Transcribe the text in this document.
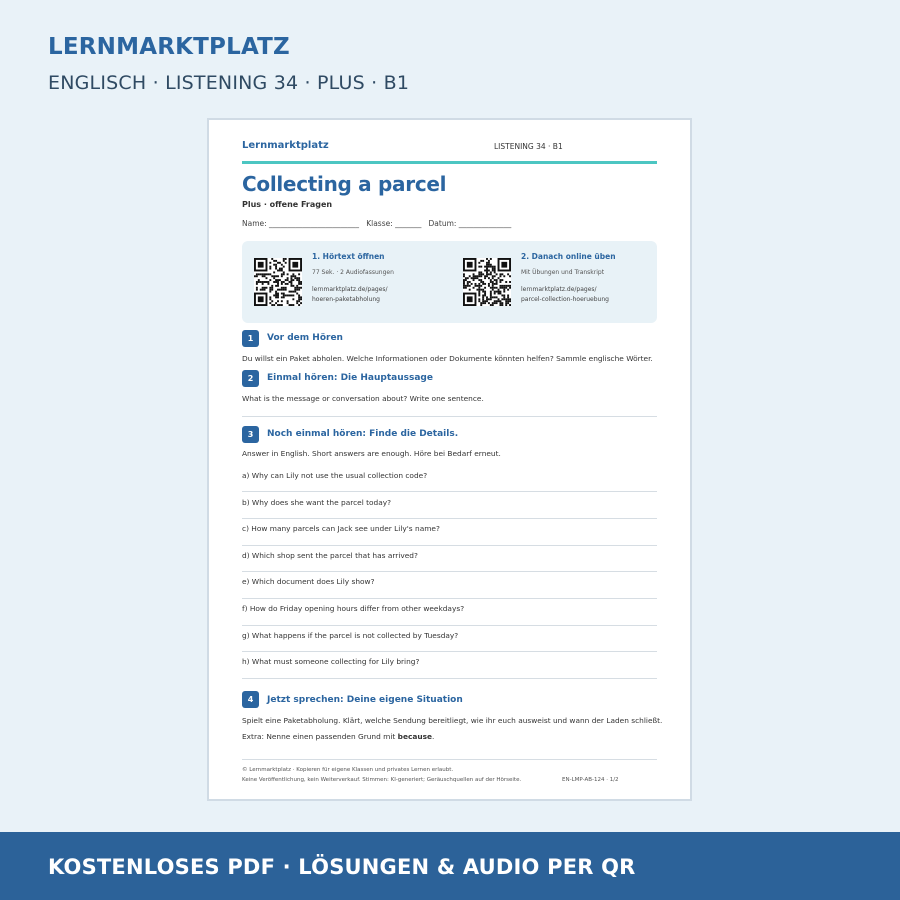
LERNMARKTPLATZ
ENGLISCH · LISTENING 34 · PLUS · B1
Lernmarktplatz	LISTENING 34 · B1
Collecting a parcel
Plus · offene Fragen
Name: ________________________   Klasse: _______   Datum: ______________
1. Hörtext öffnen
77 Sek. · 2 Audiofassungen
lernmarktplatz.de/pages/
hoeren-paketabholung
2. Danach online üben
Mit Übungen und Transkript
lernmarktplatz.de/pages/
parcel-collection-hoeruebung
1	Vor dem Hören
Du willst ein Paket abholen. Welche Informationen oder Dokumente könnten helfen? Sammle englische Wörter.
2	Einmal hören: Die Hauptaussage
What is the message or conversation about? Write one sentence.
3	Noch einmal hören: Finde die Details.
Answer in English. Short answers are enough. Höre bei Bedarf erneut.
a) Why can Lily not use the usual collection code?
b) Why does she want the parcel today?
c) How many parcels can Jack see under Lily's name?
d) Which shop sent the parcel that has arrived?
e) Which document does Lily show?
f) How do Friday opening hours differ from other weekdays?
g) What happens if the parcel is not collected by Tuesday?
h) What must someone collecting for Lily bring?
4	Jetzt sprechen: Deine eigene Situation
Spielt eine Paketabholung. Klärt, welche Sendung bereitliegt, wie ihr euch ausweist und wann der Laden schließt.
Extra: Nenne einen passenden Grund mit because.
© Lernmarktplatz · Kopieren für eigene Klassen und privates Lernen erlaubt.
Keine Veröffentlichung, kein Weiterverkauf. Stimmen: KI-generiert; Geräuschquellen auf der Hörseite.	EN-LMP-AB-124 · 1/2
KOSTENLOSES PDF · LÖSUNGEN & AUDIO PER QR
